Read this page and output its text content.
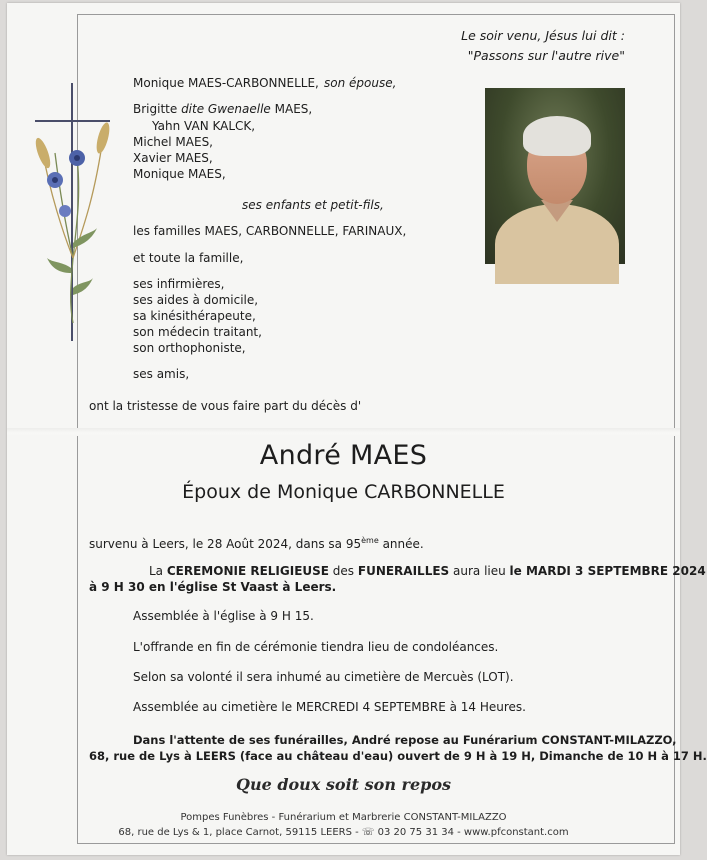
Le soir venu, Jésus lui dit :
"Passons sur l'autre rive"
Monique MAES-CARBONNELLE, son épouse,
Brigitte dite Gwenaelle MAES,
Yahn VAN KALCK,
Michel MAES,
Xavier MAES,
Monique MAES,
ses enfants et petit-fils,
les familles MAES, CARBONNELLE, FARINAUX,
et toute la famille,
ses infirmières,
ses aides à domicile,
sa kinésithérapeute,
son médecin traitant,
son orthophoniste,
ses amis,
ont la tristesse de vous faire part du décès d'
André MAES
Époux de Monique CARBONNELLE
survenu à Leers, le 28 Août 2024, dans sa 95ème année.
La CEREMONIE RELIGIEUSE des FUNERAILLES aura lieu le MARDI 3 SEPTEMBRE 2024
à 9 H 30 en l'église St Vaast à Leers.
Assemblée à l'église à 9 H 15.
L'offrande en fin de cérémonie tiendra lieu de condoléances.
Selon sa volonté il sera inhumé au cimetière de Mercuès (LOT).
Assemblée au cimetière le MERCREDI 4 SEPTEMBRE à 14 Heures.
Dans l'attente de ses funérailles, André repose au Funérarium CONSTANT-MILAZZO,
68, rue de Lys à LEERS (face au château d'eau) ouvert de 9 H à 19 H, Dimanche de 10 H à 17 H.
Que doux soit son repos
Pompes Funèbres - Funérarium et Marbrerie CONSTANT-MILAZZO
68, rue de Lys & 1, place Carnot, 59115 LEERS - ☏ 03 20 75 31 34 - www.pfconstant.com
